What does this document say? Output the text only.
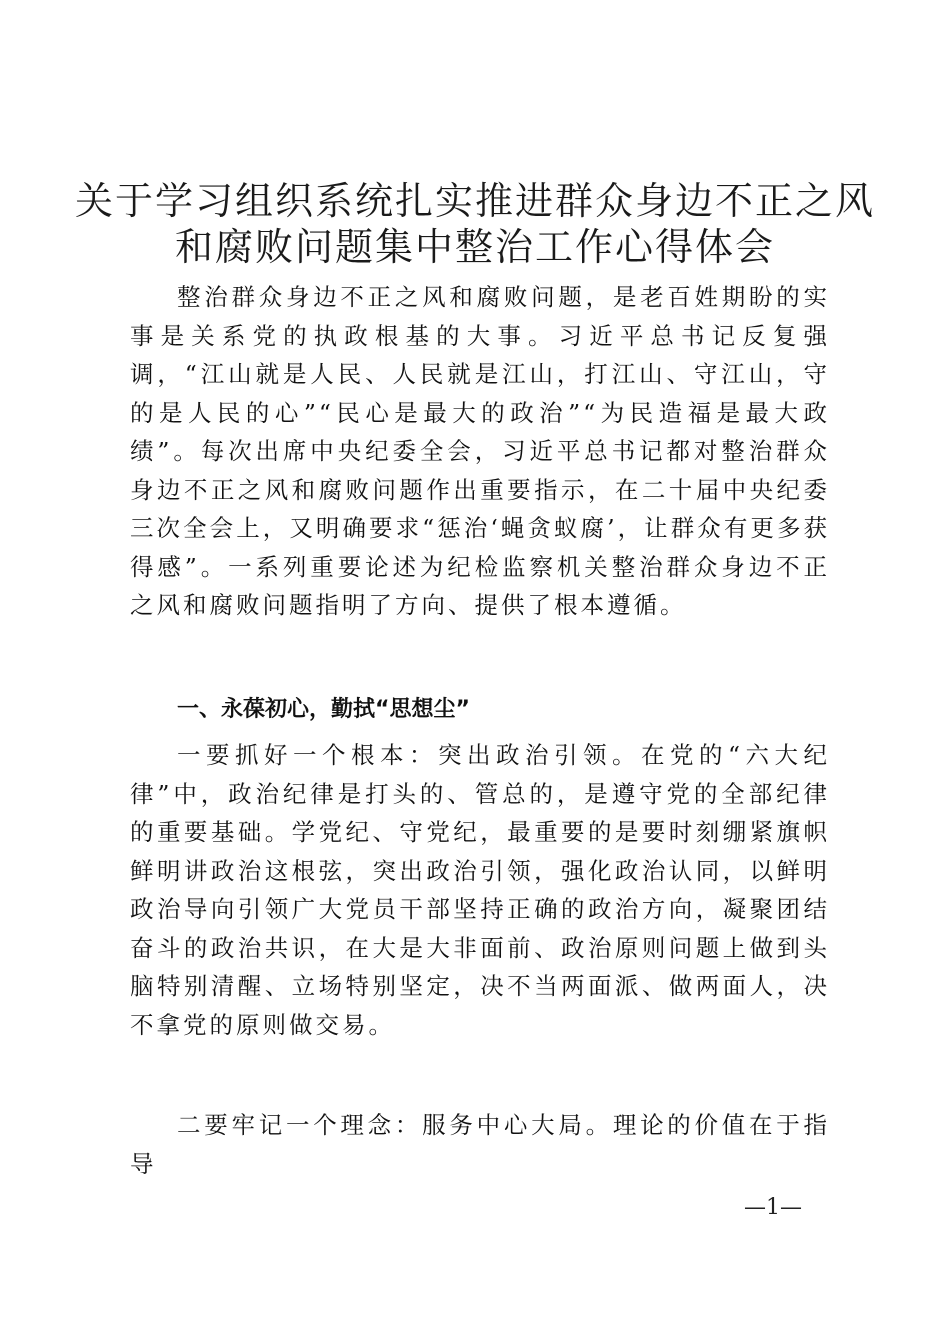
关于学习组织系统扎实推进群众身边不正之风
和腐败问题集中整治工作心得体会

整治群众身边不正之风和腐败问题，是老百姓期盼的实事是关系党的执政根基的大事。习近平总书记反复强调，“江山就是人民、人民就是江山，打江山、守江山，守的是人民的心”“民心是最大的政治”“为民造福是最大政绩”。每次出席中央纪委全会，习近平总书记都对整治群众身边不正之风和腐败问题作出重要指示，在二十届中央纪委三次全会上，又明确要求“惩治‘蝇贪蚁腐’，让群众有更多获得感”。一系列重要论述为纪检监察机关整治群众身边不正之风和腐败问题指明了方向、提供了根本遵循。

一、永葆初心，勤拭“思想尘”

一要抓好一个根本：突出政治引领。在党的“六大纪律”中，政治纪律是打头的、管总的，是遵守党的全部纪律的重要基础。学党纪、守党纪，最重要的是要时刻绷紧旗帜鲜明讲政治这根弦，突出政治引领，强化政治认同，以鲜明政治导向引领广大党员干部坚持正确的政治方向，凝聚团结奋斗的政治共识，在大是大非面前、政治原则问题上做到头脑特别清醒、立场特别坚定，决不当两面派、做两面人，决不拿党的原则做交易。

二要牢记一个理念：服务中心大局。理论的价值在于指导

—1—
